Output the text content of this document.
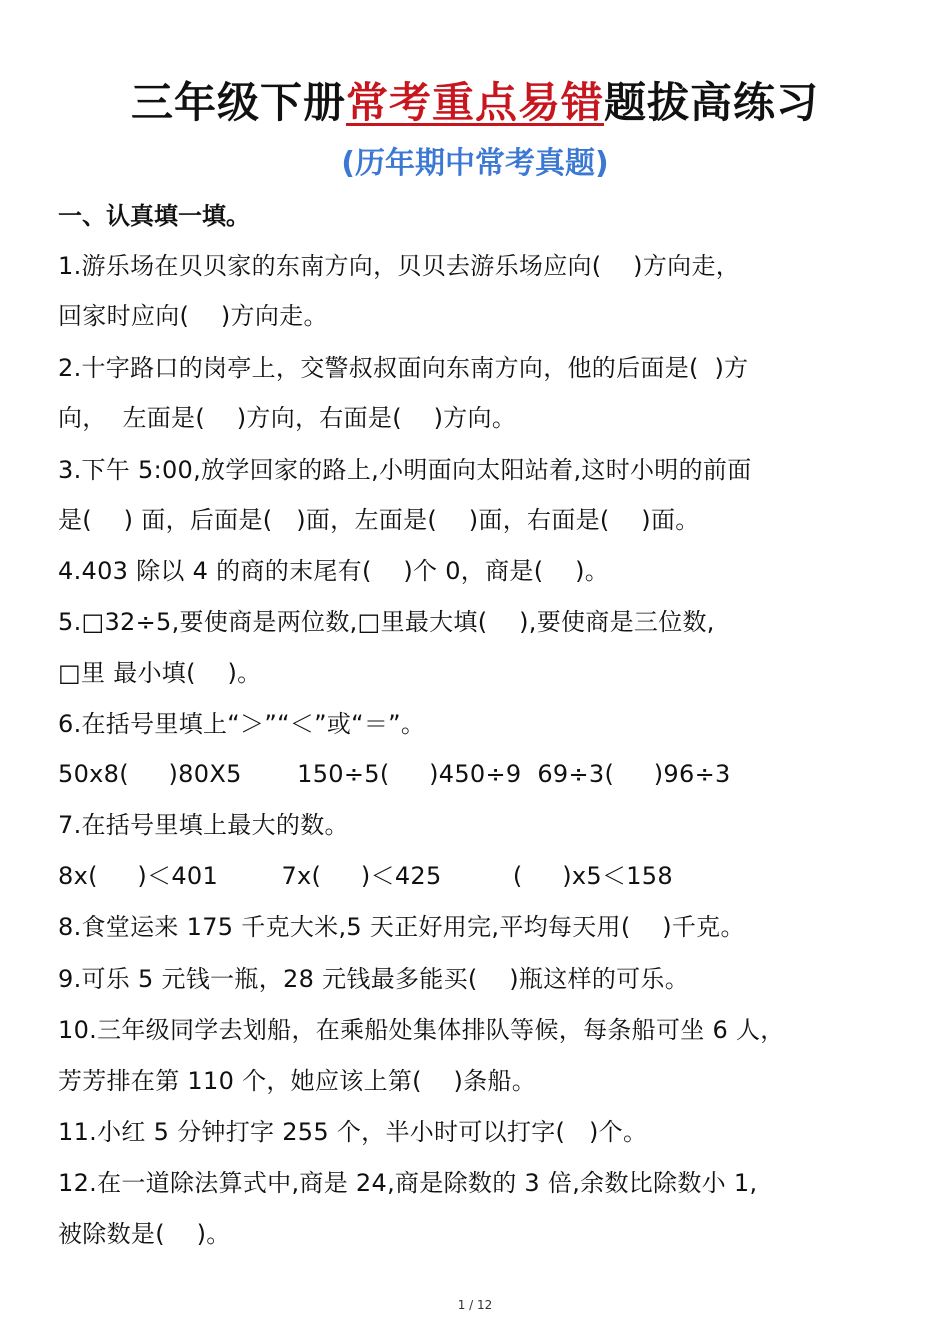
三年级下册常考重点易错题拔高练习
(历年期中常考真题)
一、认真填一填。
1.游乐场在贝贝家的东南方向，贝贝去游乐场应向(    )方向走，
回家时应向(    )方向走。
2.十字路口的岗亭上，交警叔叔面向东南方向，他的后面是(  )方
向，  左面是(    )方向，右面是(    )方向。
3.下午 5:00,放学回家的路上,小明面向太阳站着,这时小明的前面
是(    ) 面，后面是(   )面，左面是(    )面，右面是(    )面。
4.403 除以 4 的商的末尾有(    )个 0，商是(    )。
5.□32÷5,要使商是两位数,□里最大填(    ),要使商是三位数,
□里 最小填(    )。
6.在括号里填上“＞”“＜”或“＝”。
50x8(     )80X5       150÷5(     )450÷9  69÷3(     )96÷3
7.在括号里填上最大的数。
8x(     )＜401        7x(     )＜425         (     )x5＜158
8.食堂运来 175 千克大米,5 天正好用完,平均每天用(    )千克。
9.可乐 5 元钱一瓶，28 元钱最多能买(    )瓶这样的可乐。
10.三年级同学去划船，在乘船处集体排队等候，每条船可坐 6 人，
芳芳排在第 110 个，她应该上第(    )条船。
11.小红 5 分钟打字 255 个，半小时可以打字(   )个。
12.在一道除法算式中,商是 24,商是除数的 3 倍,余数比除数小 1,
被除数是(    )。
1 / 12
